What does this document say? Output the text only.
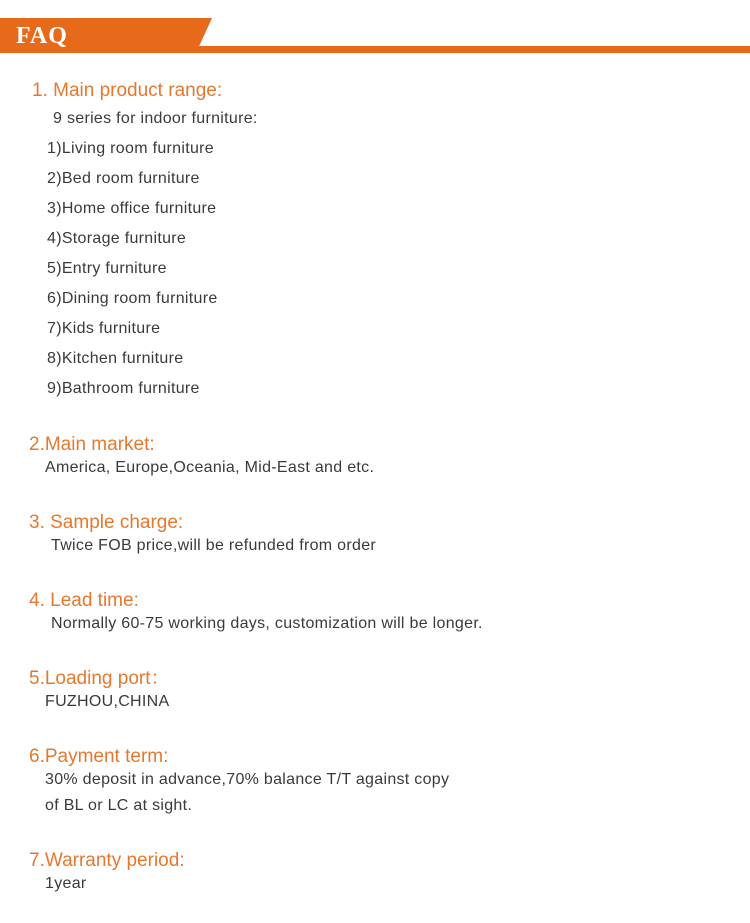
FAQ
1. Main product range:
9 series for indoor furniture:
1)Living room furniture
2)Bed room furniture
3)Home office furniture
4)Storage furniture
5)Entry furniture
6)Dining room furniture
7)Kids furniture
8)Kitchen furniture
9)Bathroom furniture
2.Main market:
America, Europe,Oceania, Mid-East and etc.
3. Sample charge:
Twice FOB price,will be refunded from order
4. Lead time:
Normally 60-75 working days, customization will be longer.
5.Loading port：
FUZHOU,CHINA
6.Payment term:
30% deposit in advance,70% balance T/T against copy
of BL or LC at sight.
7.Warranty period:
1year
